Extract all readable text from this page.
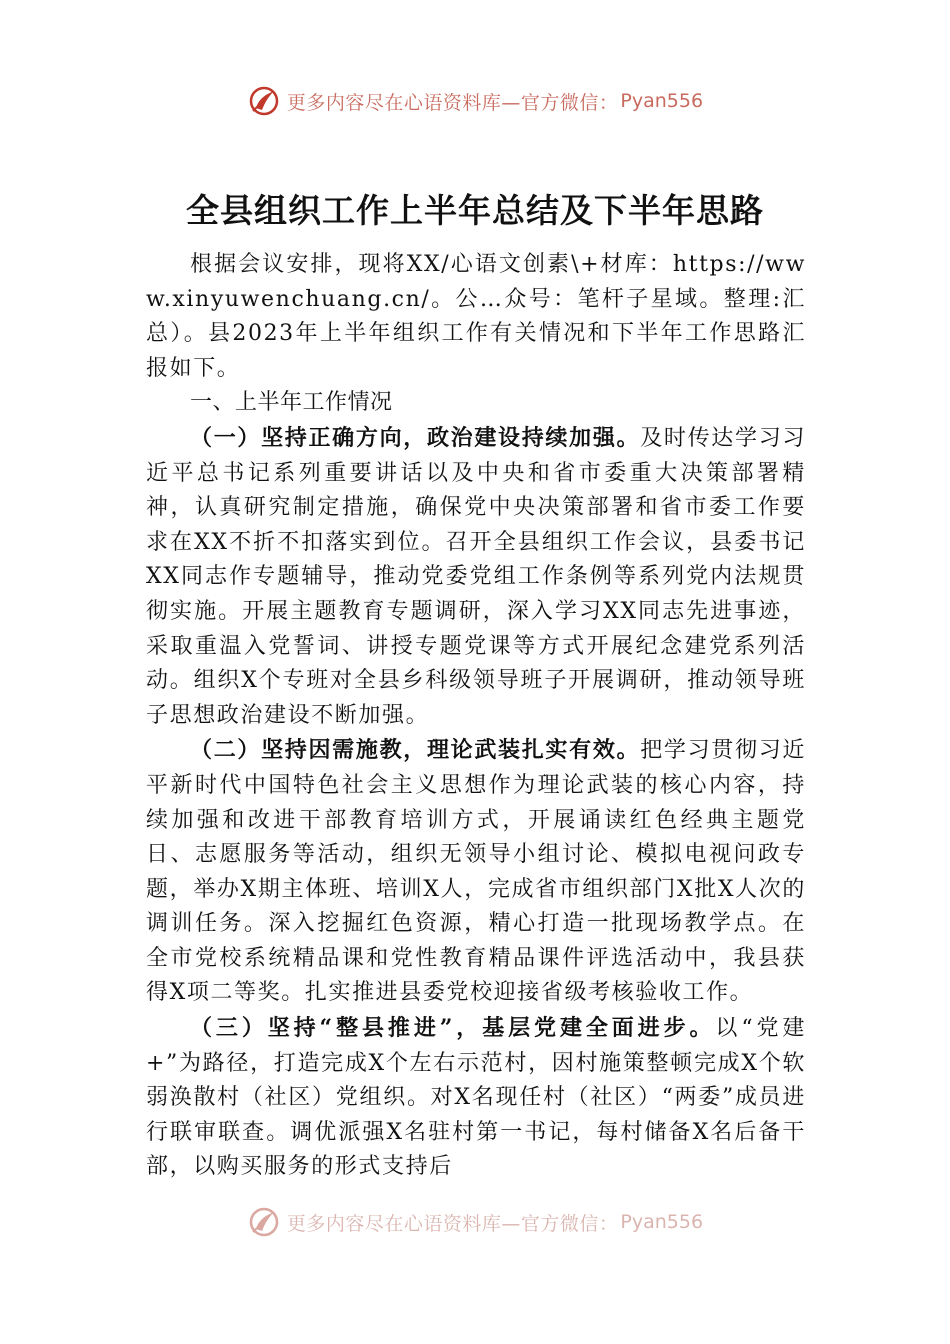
更多内容尽在心语资料库—官方微信： Pyan556
全县组织工作上半年总结及下半年思路

根据会议安排，现将XX/心语文创素\+材库：https://www.xinyuwenchuang.cn/。公…众号：笔杆子星域。整理:汇总）。县2023年上半年组织工作有关情况和下半年工作思路汇报如下。

一、上半年工作情况

（一）坚持正确方向，政治建设持续加强。及时传达学习习近平总书记系列重要讲话以及中央和省市委重大决策部署精神，认真研究制定措施，确保党中央决策部署和省市委工作要求在XX不折不扣落实到位。召开全县组织工作会议，县委书记XX同志作专题辅导，推动党委党组工作条例等系列党内法规贯彻实施。开展主题教育专题调研，深入学习XX同志先进事迹，采取重温入党誓词、讲授专题党课等方式开展纪念建党系列活动。组织X个专班对全县乡科级领导班子开展调研，推动领导班子思想政治建设不断加强。

（二）坚持因需施教，理论武装扎实有效。把学习贯彻习近平新时代中国特色社会主义思想作为理论武装的核心内容，持续加强和改进干部教育培训方式，开展诵读红色经典主题党日、志愿服务等活动，组织无领导小组讨论、模拟电视问政专题，举办X期主体班、培训X人，完成省市组织部门X批X人次的调训任务。深入挖掘红色资源，精心打造一批现场教学点。在全市党校系统精品课和党性教育精品课件评选活动中，我县获得X项二等奖。扎实推进县委党校迎接省级考核验收工作。

（三）坚持“整县推进”，基层党建全面进步。以“党建+”为路径，打造完成X个左右示范村，因村施策整顿完成X个软弱涣散村（社区）党组织。对X名现任村（社区）“两委”成员进行联审联查。调优派强X名驻村第一书记，每村储备X名后备干部，以购买服务的形式支持后

更多内容尽在心语资料库—官方微信： Pyan556
